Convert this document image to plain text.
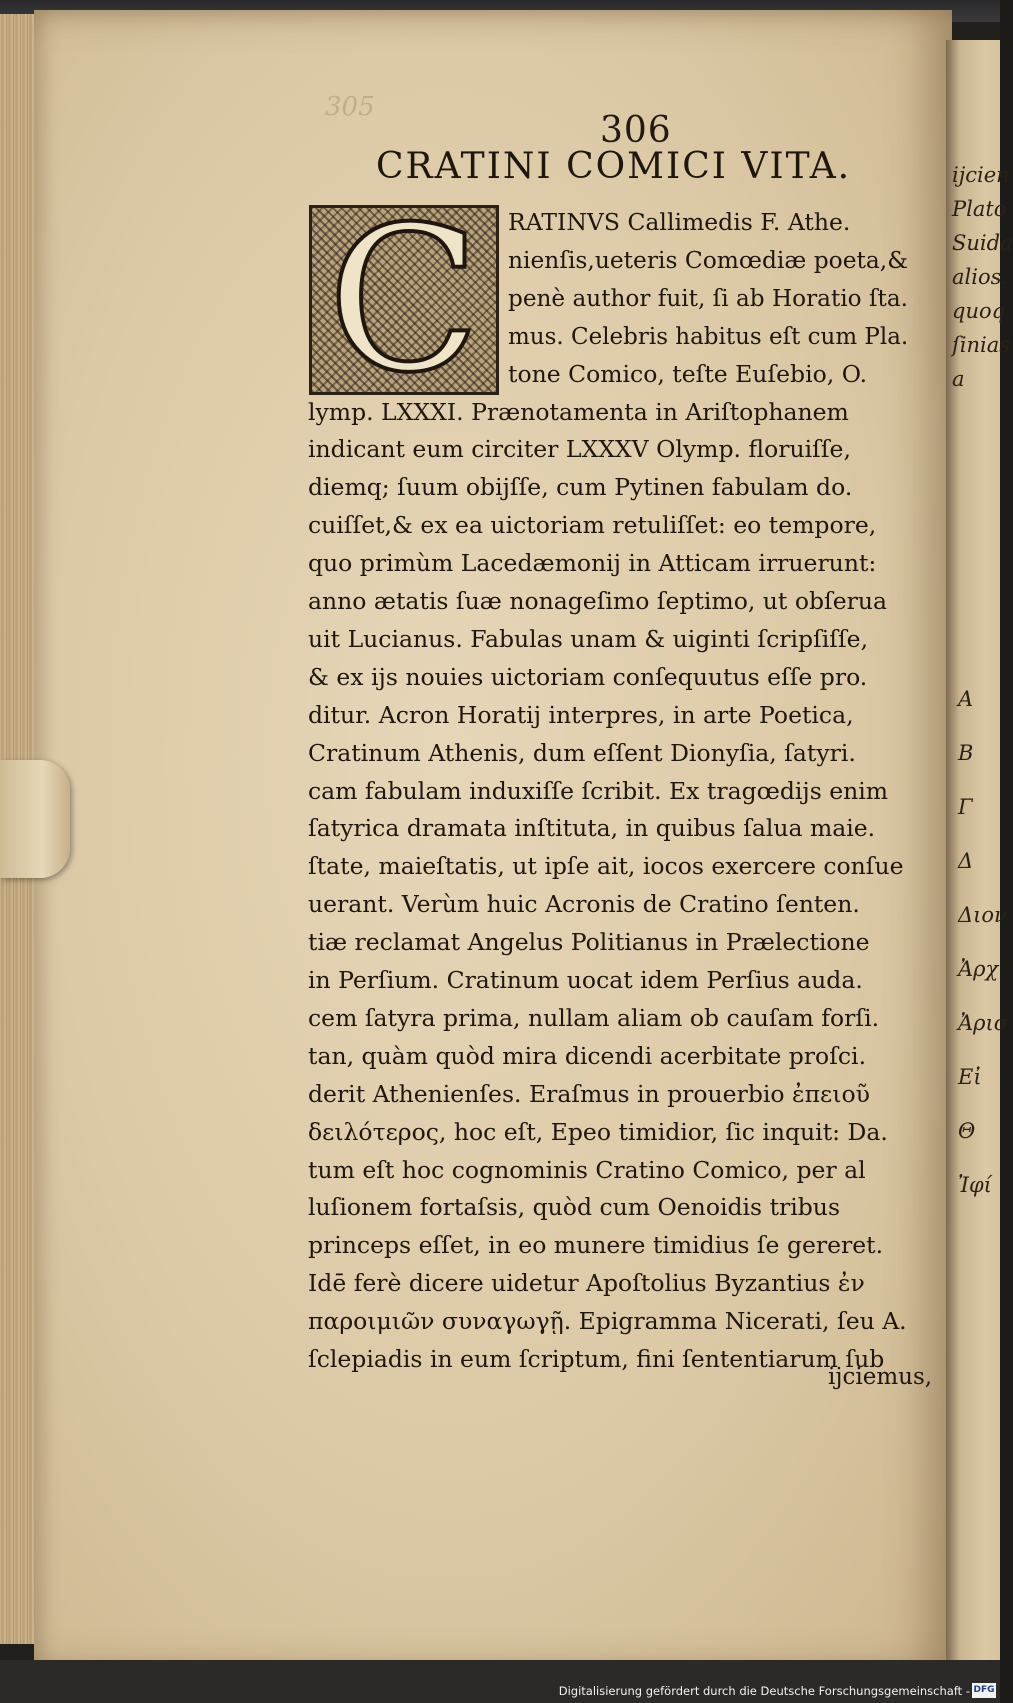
ijcien
Plato
Suida
alios.
quoq
ſinias
a
A
B
Γ
Δ
Διον
Ἀρχ
Ἀρισ
Εἰ
Θ
Ἰφί
305
306
CRATINI COMICI VITA.
C	RATINVS Callimedis F. Athe.
nienſis,ueteris Comœdiæ poeta,&
penè author fuit, ſi ab Horatio ſta.
mus. Celebris habitus eſt cum Pla.
tone Comico, teſte Euſebio, O.
lymp. LXXXI. Prænotamenta in Ariſtophanem
indicant eum circiter LXXXV Olymp. floruiſſe,
diemq; ſuum obijſſe, cum Pytinen fabulam do.
cuiſſet,& ex ea uictoriam retuliſſet: eo tempore,
quo primùm Lacedæmonij in Atticam irruerunt:
anno ætatis ſuæ nonageſimo ſeptimo, ut obſerua
uit Lucianus. Fabulas unam & uiginti ſcripſiſſe,
& ex ijs nouies uictoriam conſequutus eſſe pro.
ditur. Acron Horatij interpres, in arte Poetica,
Cratinum Athenis, dum eſſent Dionyſia, ſatyri.
cam fabulam induxiſſe ſcribit. Ex tragœdijs enim
ſatyrica dramata inſtituta, in quibus ſalua maie.
ſtate, maieſtatis, ut ipſe ait, iocos exercere conſue
uerant. Verùm huic Acronis de Cratino ſenten.
tiæ reclamat Angelus Politianus in Prælectione
in Perſium. Cratinum uocat idem Perſius auda.
cem ſatyra prima, nullam aliam ob cauſam forſi.
tan, quàm quòd mira dicendi acerbitate proſci.
derit Athenienſes. Eraſmus in prouerbio ἐπειοῦ
δειλότερος, hoc eſt, Epeo timidior, ſic inquit: Da.
tum eſt hoc cognominis Cratino Comico, per al
luſionem fortaſsis, quòd cum Oenoidis tribus
princeps eſſet, in eo munere timidius ſe gereret.
Idē ferè dicere uidetur Apoſtolius Byzantius ἐν
παροιμιῶν συναγωγῇ. Epigramma Nicerati, ſeu A.
ſclepiadis in eum ſcriptum, fini ſententiarum ſub
ijciemus,
Digitalisierung gefördert durch die Deutsche Forschungsgemeinschaft - DFG
